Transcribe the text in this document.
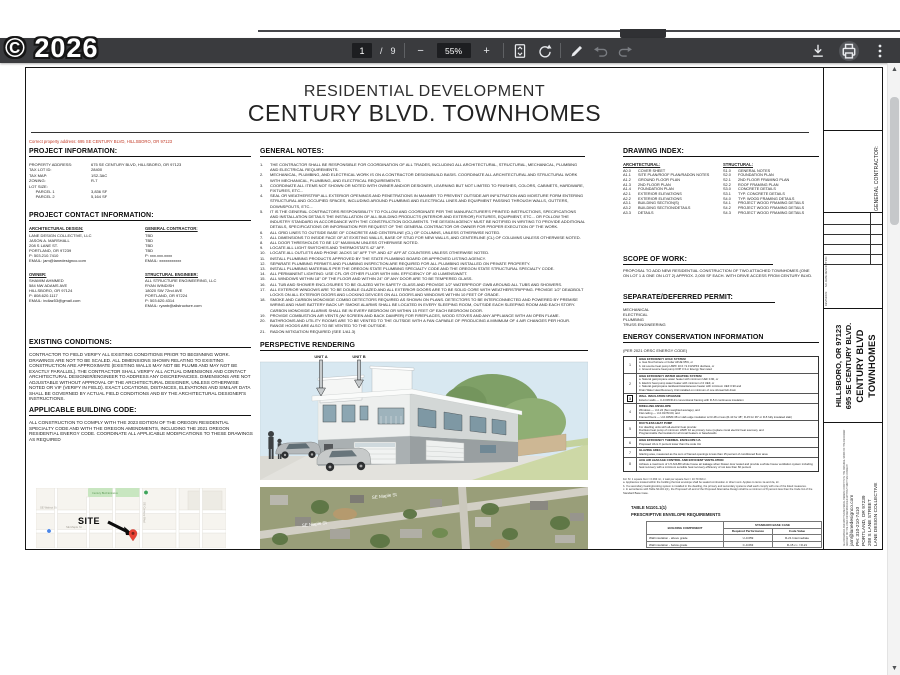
1
/ 9	−	55%	+
© 2026
RESIDENTIAL DEVELOPMENT
CENTURY BLVD. TOWNHOMES
Correct property address: 695 SE CENTURY BLVD, HILLSBORO, OR 97123
PROJECT INFORMATION:
PROPERTY ADDRESS:	675 SE CENTURY BLVD, HILLSBORO, OR 97123
TAX LOT ID:	28400
TAX MAP:	1S2-3AC
ZONING:	R-7
LOT SIZE:
PARCEL 1	3,836 SF
PARCEL 2	5,164 SF
PROJECT CONTACT INFORMATION:
ARCHITECTURAL DESIGN:
LANE DESIGN COLLECTIVE, LLC
JASON A. MARSHALL
208 S LANE ST.
PORTLAND, OR 97239
P: 503.210.7410
EMAIL: jam@lanedesignco.com
GENERAL CONTRACTOR:
TBD
TBD
TBD
TBD
P: xxx.xxx.xxxx
EMAIL: xxxxxxxxxxx
OWNER:
SHAMIM AHMMED
584 NW ADAMS AVE
HILLSBORO, OR 97124
P: 808.620.1117
EMAIL: indiaz53@gmail.com
STRUCTURAL ENGINEER:
ALL STRUCTURE ENGINEERING, LLC
RYAN WINDISH
18020 SW 72nd AVE
PORTLAND, OR 97224
P: 503.620.4314
EMAIL: ryanb@allstructure.com
EXISTING CONDITIONS:
CONTRACTOR TO FIELD VERIFY ALL EXISTING CONDITIONS PRIOR TO BEGINNING WORK. DRAWINGS ARE NOT TO BE SCALED. ALL DIMENSIONS SHOWN RELATING TO EXISTING CONSTRUCTION ARE APPROXIMATE (EXISTING WALLS MAY NOT BE PLUMB AND MAY NOT BE EXACTLY PARALLEL). THE CONTRACTOR SHALL VERIFY ALL ACTUAL DIMENSIONS AND CONTACT ARCHITECTURAL DESIGNER/ENGINEER TO ADDRESS ANY DISCREPANCIES. DIMENSIONS ARE NOT ADJUSTABLE WITHOUT APPROVAL OF THE ARCHITECTURAL DESIGNER, UNLESS OTHERWISE NOTED OR VIF (VERIFY IN FIELD). EXACT LOCATIONS, DISTANCES, ELEVATIONS AND SIMILAR DATA SHALL BE GOVERNED BY ACTUAL FIELD CONDITIONS AND BY THE ARCHITECTURAL DESIGNER'S INSTRUCTIONS.
APPLICABLE BUILDING CODE:
ALL CONSTRUCTION TO COMPLY WITH THE 2023 EDITION OF THE OREGON RESIDENTIAL SPECIALTY CODE AND WITH THE OREGON AMENDMENTS, INCLUDING THE 2021 OREGON RESIDENTIAL ENERGY CODE. COORDINATE ALL APPLICABLE MODIFICATIONS TO THESE DRAWINGS AS REQUIRED
SE Walnut St
SE Maple St
SE Century Blvd
Century Blvd Entrance
SITE
GENERAL NOTES:
1.	THE CONTRACTOR SHALL BE RESPONSIBLE FOR COORDINATION OF ALL TRADES, INCLUDING ALL ARCHITECTURAL, STRUCTURAL, MECHANICAL, PLUMBING AND ELECTRICAL REQUIREMENTS.
2.	MECHANICAL, PLUMBING, AND ELECTRICAL WORK IS ON A CONTRACTOR DESIGN/BUILD BASIS. COORDINATE ALL ARCHITECTURAL AND STRUCTURAL WORK WITH MECHANICAL, PLUMBING, AND ELECTRICAL REQUIREMENTS.
3.	COORDINATE ALL ITEMS NOT SHOWN OR NOTED WITH OWNER AND/OR DESIGNER, LEARNING BUT NOT LIMITED TO FINISHES, COLORS, CABINETS, HARDWARE, FIXTURES, ETC...
4.	SEAL OR WEATHERSTRIP ALL EXTERIOR OPENINGS AND PENETRATIONS IN MANNER TO PREVENT OUTSIDE AIR INFILTRATION AND MOISTURE FORM ENTERING STRUCTURAL AND OCCUPIED SPACES, INCLUDING AROUND PLUMBING AND ELECTRICAL LINES AND EQUIPMENT PASSING THROUGH WALLS, GUTTERS, DOWNSPOUTS, ETC...
5.	IT IS THE GENERAL CONTRACTORS RESPONSIBILITY TO FOLLOW AND COORDINATE PER THE MANUFACTURER'S PRINTED INSTRUCTIONS, SPECIFICATIONS AND INSTALLATION DETAILS THE INSTALLATION OF ALL BUILDING PRODUCTS (INTERIOR AND EXTERIOR) FIXTURES, EQUIPMENT, ETC... OR FOLLOW THE INDUSTRY STANDARD IN ACCORDANCE WITH THE CONSTRUCTION DOCUMENTS. THE DESIGN AGENCY MUST BE NOTIFIED IN WRITING TO PROVIDE ADDITIONAL DETAILS, SPECIFICATIONS OR INFORMATION PER REQUEST OF THE GENERAL CONTRACTOR OR OWNER FOR PROPER EXECUTION OF THE WORK.
6.	ALL GRID LINES TO OUTSIDE BASE OF CONCRETE AND CENTERLINE (CL) OF COLUMNS, UNLESS OTHERWISE NOTED.
7.	ALL DIMENSIONS TO INSIDE FACE OF AT EXISTING WALLS, BASE OF STUD FOR NEW WALLS, AND CENTERLINE (CL) OF COLUMNS UNLESS OTHERWISE NOTED.
8.	ALL DOOR THRESHOLDS TO BE 1/2" MAXIMUM UNLESS OTHERWISE NOTED.
9.	LOCATE ALL LIGHT SWITCHES AND THERMOSTATS 42" AFF.
10.	LOCATE ALL OUTLETS AND PHONE JACKS 16" AFF TYP. AND 42" AFF AT COUNTERS UNLESS OTHERWISE NOTED.
11.	INSTALL PLUMBING PRODUCTS APPROVED BY THE STATE PLUMBING BOARD OR APPROVED LISTING AGENCY.
12.	SEPARATE PLUMBING PERMITS AND PLUMBING INSPECTION ARE REQUIRED FOR ALL PLUMBING INSTALLED ON PRIVATE PROPERTY.
13.	INSTALL PLUMBING MATERIALS PER THE OREGON STATE PLUMBING SPECIALTY CODE AND THE OREGON STATE STRUCTURAL SPECIALTY CODE.
14.	ALL PERMANENT LIGHTING: USE CFL OR OTHER FLUOR WITH MIN. EFFICIENCY OF 40 LUMENS/WATT.
15.	ALL WINDOWS WITHIN 18" OF THE FLOOR AND WITHIN 24" OF ANY DOOR ARE TO BE TEMPERED GLASS.
16.	ALL TUB AND SHOWER ENCLOSURES TO BE GLAZED WITH SAFETY GLASS AND PROVIDE 1/2" WATERPROOF GWB AROUND ALL TUBS AND SHOWERS.
17.	ALL EXTERIOR WINDOWS ARE TO BE DOUBLE GLAZED AND ALL EXTERIOR DOORS ARE TO BE SOLID CORE WITH WEATHERSTRIPPING. PROVIDE 1/2" DEADBOLT LOCKS ON ALL EXTERIOR DOORS AND LOCKING DEVICES ON ALL DOORS AND WINDOWS WITHIN 10 FEET OF GRADE.
18.	SMOKE AND CARBON MONOXIDE COMBO DETECTORS REQUIRED AS SHOWN ON PLANS. DETECTORS TO BE INTERCONNECTED AND POWERED BY PREMISE WIRING AND HAVE BATTERY BACK UP. SMOKE ALARMS SHALL BE LOCATED IN EVERY SLEEPING ROOM, OUTSIDE EACH SLEEPING ROOM AND EACH STORY. CARBON MONOXIDE ALARMS SHALL BE IN EVERY BEDROOM OR WITHIN 15 FEET OF EACH BEDROOM DOOR.
19.	PROVIDE COMBUSTION AIR VENTS (W/ SCREEN AND BACK DAMPER) FOR FIREPLACES, WOOD STOVES AND ANY APPLIANCE WITH AN OPEN FLAME.
20.	BATHROOMS AND UTILITY ROOMS ARE TO BE VENTED TO THE OUTSIDE WITH A FAN CAPABLE OF PRODUCING A MINIMUM OF 4 AIR CHANGES PER HOUR. RANGE HOODS ARE ALSO TO BE VENTED TO THE OUTSIDE.
21.	RADON MITIGATION REQUIRED (SEE 1/A1.3)
PERSPECTIVE RENDERING
UNIT A	UNIT B
SE Maple St
SE Maple St
DRAWING INDEX:
ARCHITECTURAL:
A0.0	COVER SHEET
A1.1	SITE PLAN/ROOF PLAN/RADON NOTES
A1.2	GROUND FLOOR PLAN
A1.3	2ND FLOOR PLAN
A1.4	FOUNDATION PLAN
A2.1	EXTERIOR ELEVATIONS
A2.2	EXTERIOR ELEVATIONS
A3.1	BUILDING SECTION(S)
A3.2	BUILDING SECTION/DETAILS
A3.3	DETAILS
STRUCTURAL:
S1.0	GENERAL NOTES
S2.0	FOUNDATION PLAN
S2.1	2ND FLOOR FRAMING PLAN
S2.2	ROOF FRAMING PLAN
S3.0	CONCRETE DETAILS
S3.1	TYP. CONCRETE DETAILS
S4.0	TYP. WOOD FRAMING DETAILS
S4.1	PROJECT WOOD FRAMING DETAILS
S4.2	PROJECT WOOD FRAMING DETAILS
S4.3	PROJECT WOOD FRAMING DETAILS
SCOPE OF WORK:
PROPOSAL TO ADD NEW RESIDENTIAL CONSTRUCTION OF TWO ATTACHED TOWNHOMES (ONE ON LOT 1 & ONE ON LOT 2) APPROX. 2,000 SF EACH. WITH DRIVE ACCESS FROM CENTURY BLVD.
SEPARATE/DEFERRED PERMIT:
MECHANICAL
ELECTRICAL
PLUMBING
TRUSS ENGINEERING
ENERGY CONSERVATION INFORMATION
(PER 2021 ORSC ENERGY CODE)
1
HIGH EFFICIENCY HVAC SYSTEM
a. Gas fired furnace or boiler AFUE 95%, or
b. Air-source heat pump HSPF 10.0 / 9.0 HSPF2 ductless, or
c. Ground source heat pump COP 3.3 or Energy Star rated
2
HIGH EFFICIENCY WATER HEATING SYSTEM
a. Natural gas/propane water heater with minimum UEF 0.90, or
b. Electric heat pump water heater with minimum 2.0 UEF, or
c. Natural gas/propane tankless/instantaneous heater with minimum UEF 0.90 and
Drain Water Heat Recovery Unit installed on minimum of one shower/tub drain
3
WALL INSULATION UPGRADE
Exterior walls — U-0.045/R-21 conventional framing with R-5.0 continuous insulation
4
DWELLING ENVELOPE
Windows — U-0.24 (Sun weighted average), and
Flat ceiling — U-0.017/R-60, and
Framed floors — U-0.025/R-38 or slab edge insulation w/ R-48 or less (R-10 for 48"; R-15 for 36" or R-5 fully insulated slab)
5
DUCTLESS HEAT PUMP
For dwelling units with all-electric heat provide:
Ductless heat pump of minimum HSPF 10 as primary zone (replace zonal electric heat sources), and
Programmable thermostats for all zonal heaters or baseboards
6
HIGH EFFICIENCY THERMAL ENVELOPE UA
Proposed UA is X percent lower than the code UA
7
GLAZING AREA
Glazing area, measured as the sum of framed openings is less than 15 percent of conditioned floor area
8
ACH AIR LEAKAGE CONTROL AND EFFICIENT VENTILATION
Achieve a maximum of 1.5 ACH50 whole house air leakage when blower door tested and provide a whole house ventilation system including heat recovery with a minimum sensible heat recovery efficiency of not less than 60 percent
For SI: 1 square foot = 0.093 m², 1 watt per square foot = 10.79 W/m².
a. Appliances located within the building thermal envelope shall be sealed combustion or direct vent. Applies to items 1a and 2a, 2c.
b. If a secondary heating/cooling system is installed in the dwelling, the primary and secondary systems shall each comply with one of the listed measures.
c. In accordance with Table N1104.1(1), the Proposed UA and of the Proposed Alternative Design shall be a minimum of 8 percent less than the Code UA of the Standard Base Case.
TABLE N1101.1(1)
PRESCRIPTIVE ENVELOPE REQUIREMENTS
BUILDING COMPONENT	STANDARD BASE CASE	
	Required Performance	Code Value
Wall insulation - above grade	U-0.059	R-21 Intermediate
Wall insulation - below grade	C-0.063	R-15 c.i. / R-21
GENERAL CONTRACTOR:
REVISIONS:NO. DATE DESCRIPTION
CENTURY BLVD TOWNHOMES
695 SE CENTURY BLVD.
HILLSBORO, OR 97123
LANE DESIGN COLLECTIVE
208 S LANE STREET
PORTLAND, OR 97239
PH: 310-210-7410
jam@lanedesignco.com
ALL DRAWINGS AND WRITTEN MATERIAL HEREIN CONSTITUTE THE ORIGINAL WORK OF THE DESIGNER AND MAY NOT BE USED OR REPRODUCED WITHOUT WRITTEN CONSENT.
▲
▼
